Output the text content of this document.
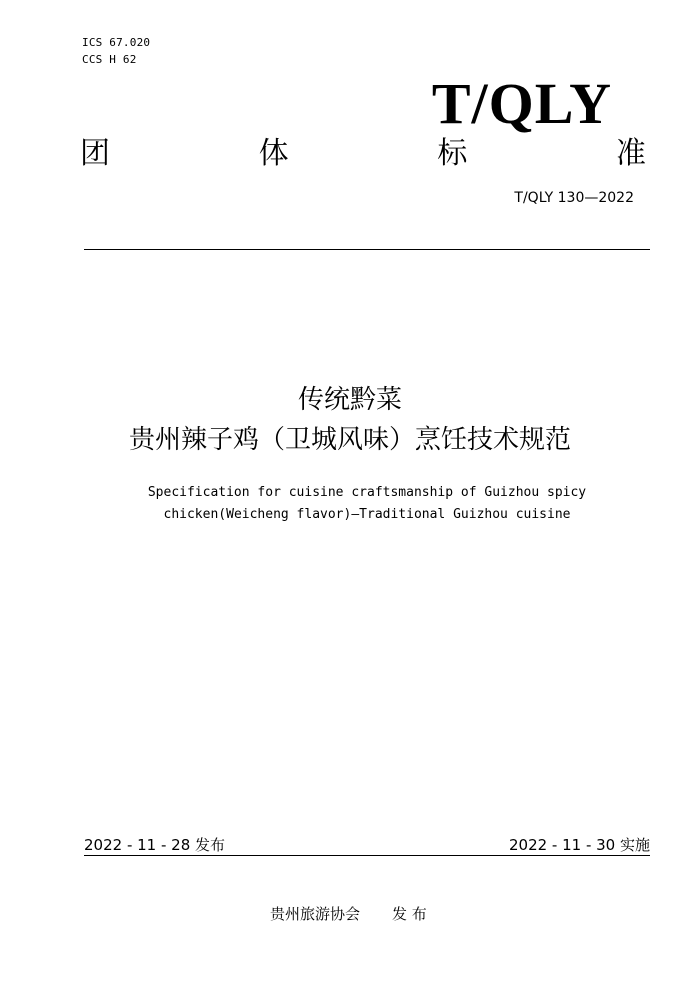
ICS 67.020
CCS H 62
T/QLY
团	体	标	准
T/QLY 130—2022
传统黔菜
贵州辣子鸡（卫城风味）烹饪技术规范
Specification for cuisine craftsmanship of Guizhou spicy
chicken(Weicheng flavor)—Traditional Guizhou cuisine
2022 - 11 - 28 发布	2022 - 11 - 30 实施
贵州旅游协会 发 布
